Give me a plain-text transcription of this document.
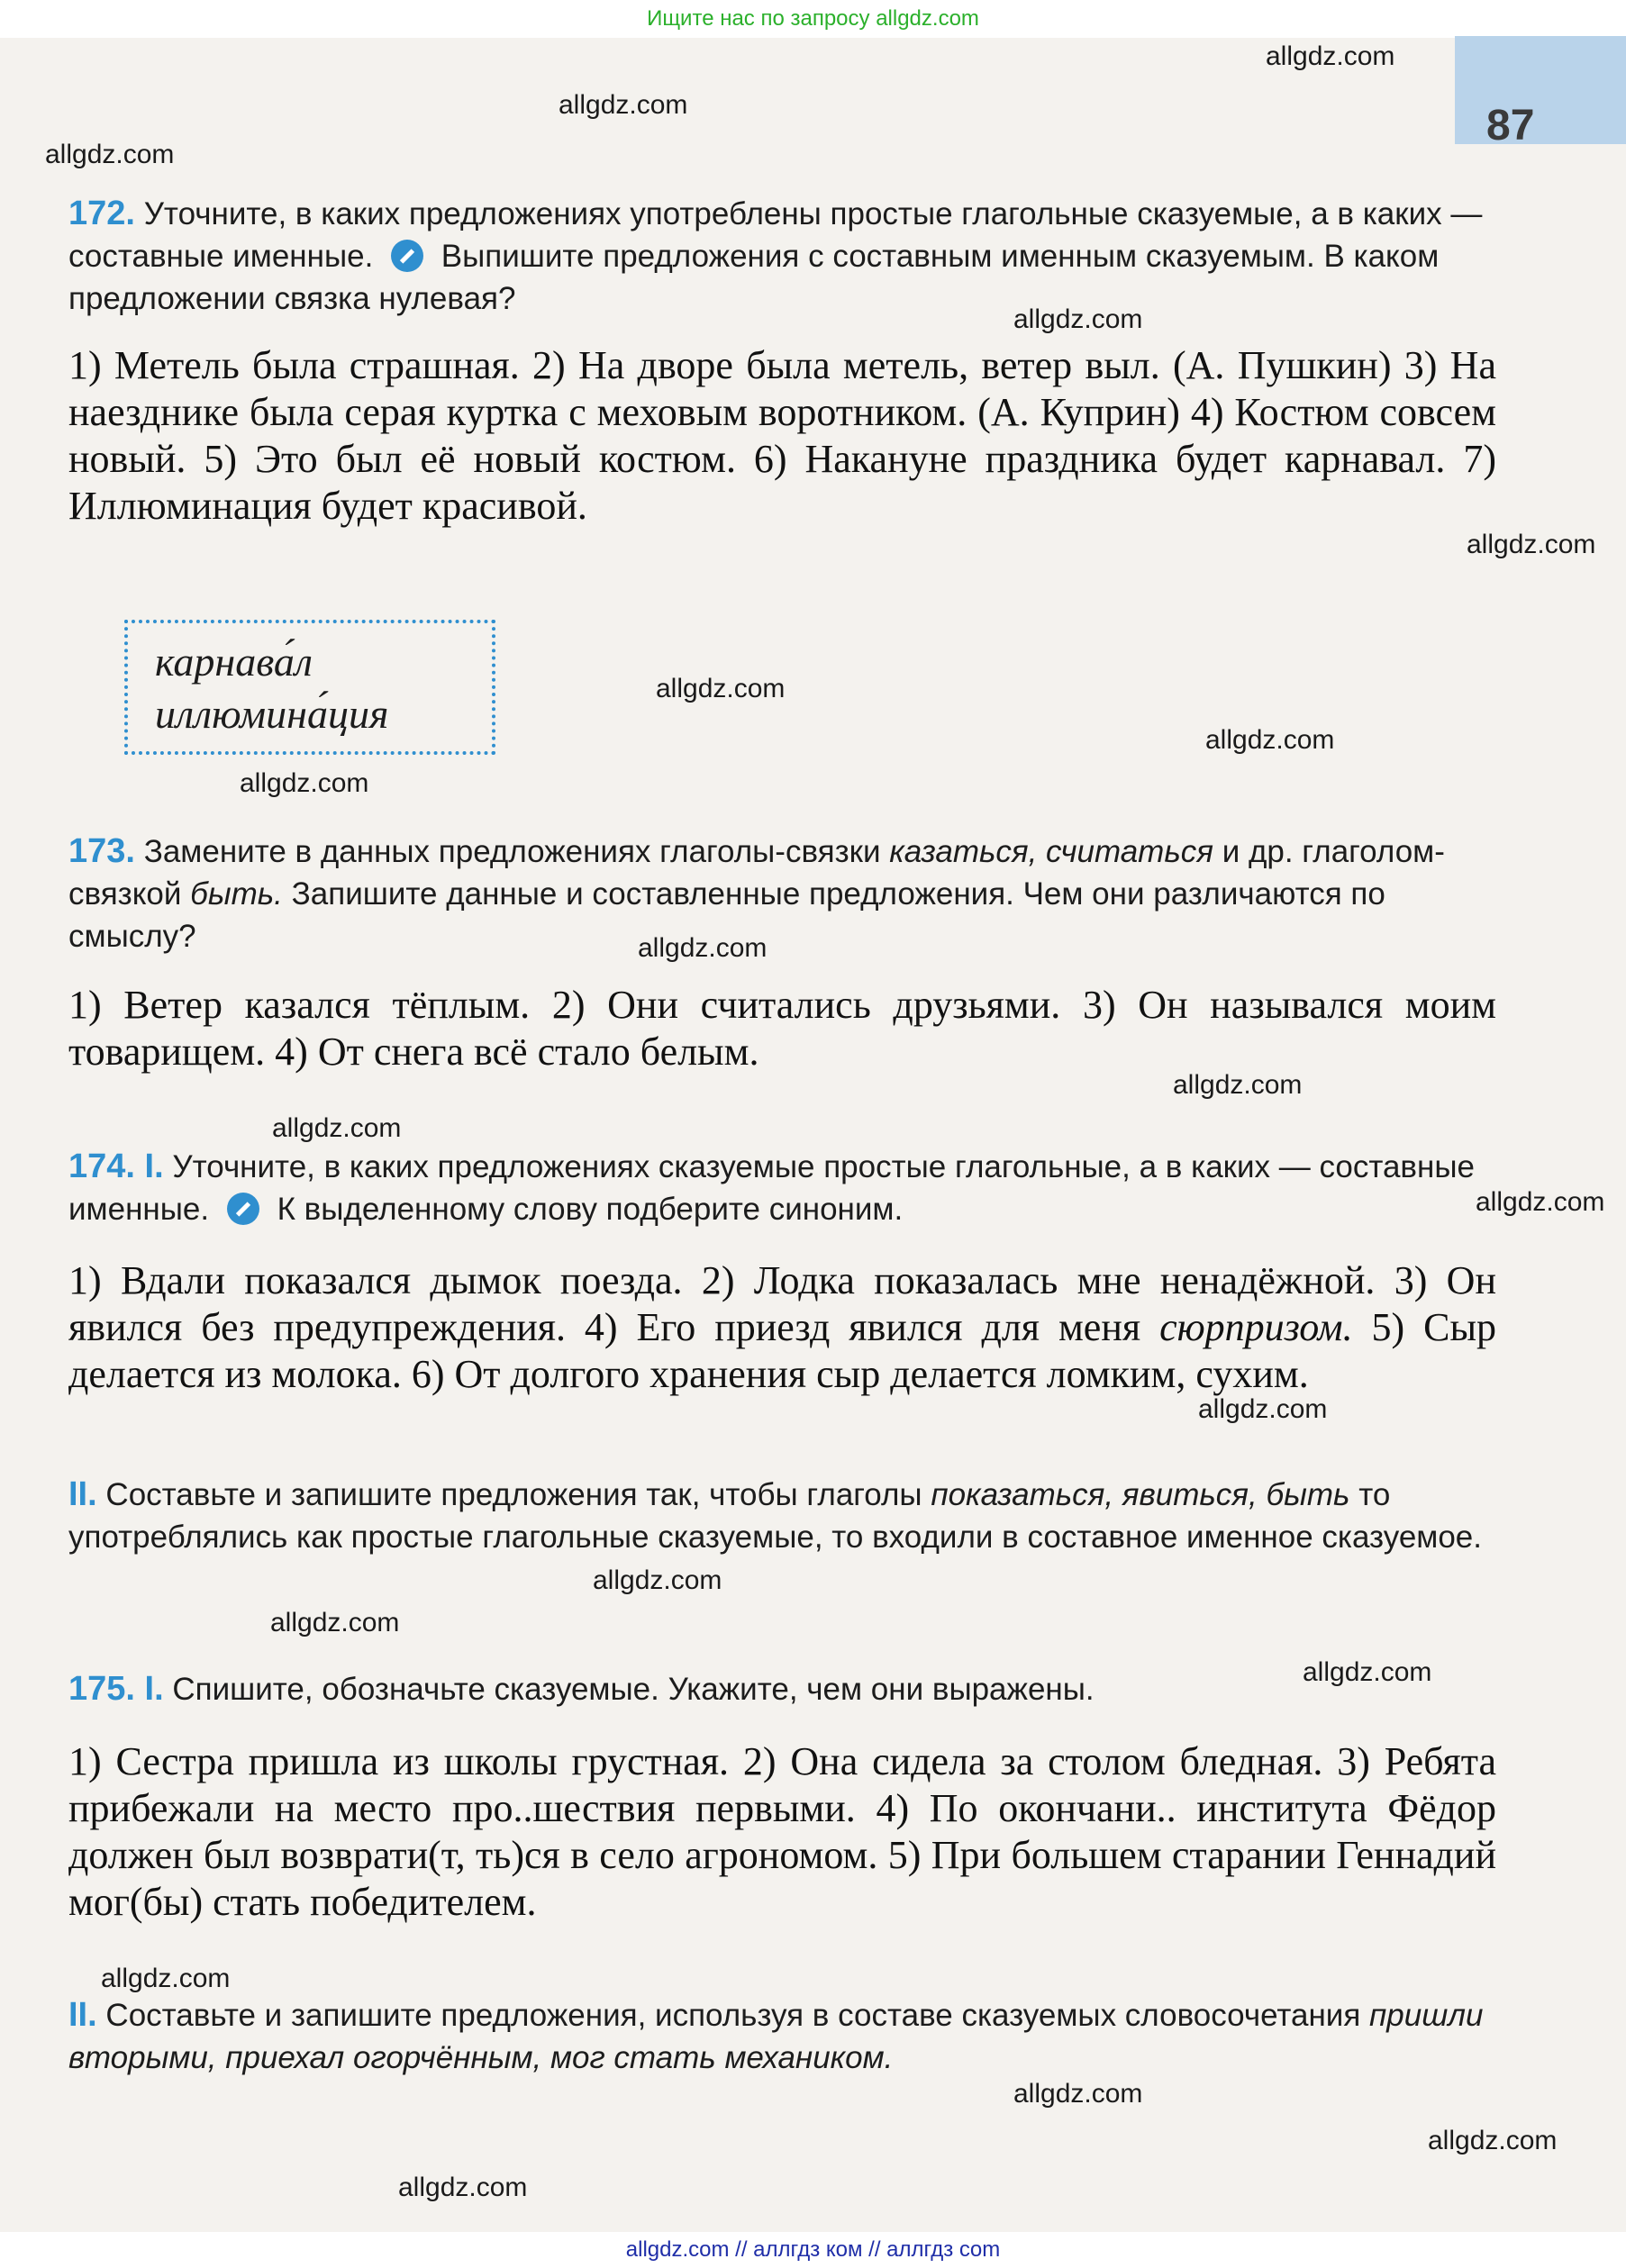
Ищите нас по запросу allgdz.com
87
172. Уточните, в каких предложениях употреблены простые глагольные сказуемые, а в каких — составные именные. Выпишите предложения с составным именным сказуемым. В каком предложении связка нулевая?
1) Метель была страшная. 2) На дворе была метель, ветер выл. (А. Пушкин) 3) На наезднике была серая куртка с меховым воротником. (А. Куприн) 4) Костюм совсем новый. 5) Это был её новый костюм. 6) Накануне праздника будет карнавал. 7) Иллюминация будет красивой.
карнава́л
иллюмина́ция
173. Замените в данных предложениях глаголы-связки казаться, считаться и др. глаголом-связкой быть. Запишите данные и составленные предложения. Чем они различаются по смыслу?
1) Ветер казался тёплым. 2) Они считались друзьями. 3) Он назывался моим товарищем. 4) От снега всё стало белым.
174. I. Уточните, в каких предложениях сказуемые простые глагольные, а в каких — составные именные. К выделенному слову подберите синоним.
1) Вдали показался дымок поезда. 2) Лодка показалась мне ненадёжной. 3) Он явился без предупреждения. 4) Его приезд явился для меня сюрпризом. 5) Сыр делается из молока. 6) От долгого хранения сыр делается ломким, сухим.
II. Составьте и запишите предложения так, чтобы глаголы показаться, явиться, быть то употреблялись как простые глагольные сказуемые, то входили в составное именное сказуемое.
175. I. Спишите, обозначьте сказуемые. Укажите, чем они выражены.
1) Сестра пришла из школы грустная. 2) Она сидела за столом бледная. 3) Ребята прибежали на место про..шествия первыми. 4) По окончани.. института Фёдор должен был возврати(т, ть)ся в село агрономом. 5) При большем старании Геннадий мог(бы) стать победителем.
II. Составьте и запишите предложения, используя в составе сказуемых словосочетания пришли вторыми, приехал огорчённым, мог стать механиком.
allgdz.com
allgdz.com
allgdz.com
allgdz.com
allgdz.com
allgdz.com
allgdz.com
allgdz.com
allgdz.com
allgdz.com
allgdz.com
allgdz.com
allgdz.com
allgdz.com
allgdz.com
allgdz.com
allgdz.com
allgdz.com
allgdz.com
allgdz.com
allgdz.com // аллгдз ком // аллгдз com
